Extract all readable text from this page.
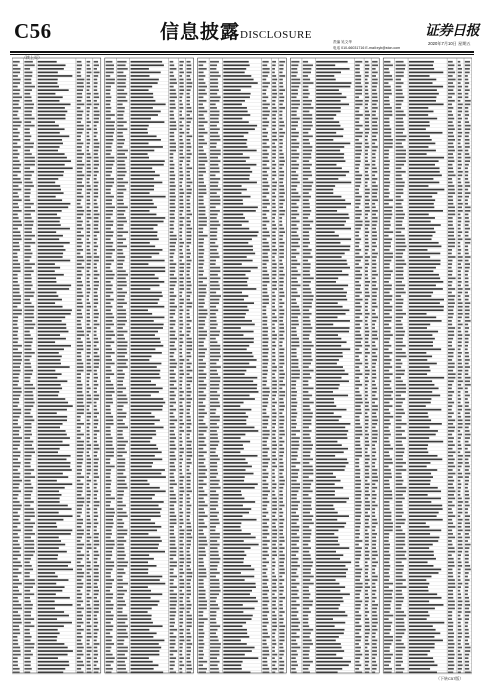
C56	信息披露 DISCLOSURE
责编 吴文华
电话 010-66031716 E-mail:xyb@stcn.com
证券日报
2020年7月10日 星期五
（续上页）
（下转C57版）
